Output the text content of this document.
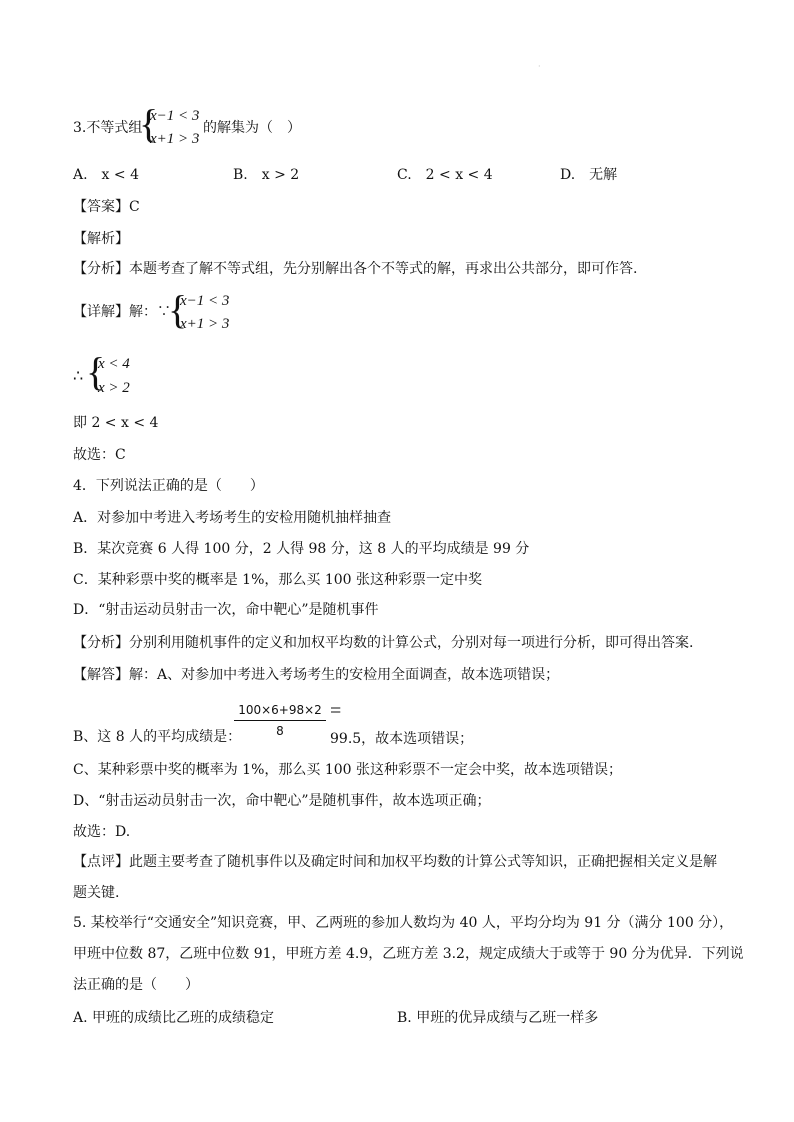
·
3.不等式组
{
x−1 < 3
x+1 > 3
的解集为（　）
A.　x < 4	B.　x > 2	C.　2 < x < 4	D.　无解
【答案】C
【解析】
【分析】本题考查了解不等式组，先分别解出各个不等式的解，再求出公共部分，即可作答.
【详解】解：∵
{
x−1 < 3
x+1 > 3
∴ {
x < 4
x > 2
即 2 < x < 4
故选：C
4．下列说法正确的是（　　）
A．对参加中考进入考场考生的安检用随机抽样抽查
B．某次竞赛 6 人得 100 分，2 人得 98 分，这 8 人的平均成绩是 99 分
C．某种彩票中奖的概率是 1%，那么买 100 张这种彩票一定中奖
D．“射击运动员射击一次，命中靶心”是随机事件
【分析】分别利用随机事件的定义和加权平均数的计算公式，分别对每一项进行分析，即可得出答案.
【解答】解：A、对参加中考进入考场考生的安检用全面调查，故本选项错误；
B、这 8 人的平均成绩是：
100×6+98×2
8
=
99.5，故本选项错误；
C、某种彩票中奖的概率为 1%，那么买 100 张这种彩票不一定会中奖，故本选项错误；
D、“射击运动员射击一次，命中靶心”是随机事件，故本选项正确；
故选：D.
【点评】此题主要考查了随机事件以及确定时间和加权平均数的计算公式等知识，正确把握相关定义是解
题关键.
5. 某校举行“交通安全”知识竞赛，甲、乙两班的参加人数均为 40 人，平均分均为 91 分（满分 100 分），
甲班中位数 87，乙班中位数 91，甲班方差 4.9，乙班方差 3.2，规定成绩大于或等于 90 分为优异．下列说
法正确的是（　　）
A. 甲班的成绩比乙班的成绩稳定	B. 甲班的优异成绩与乙班一样多
